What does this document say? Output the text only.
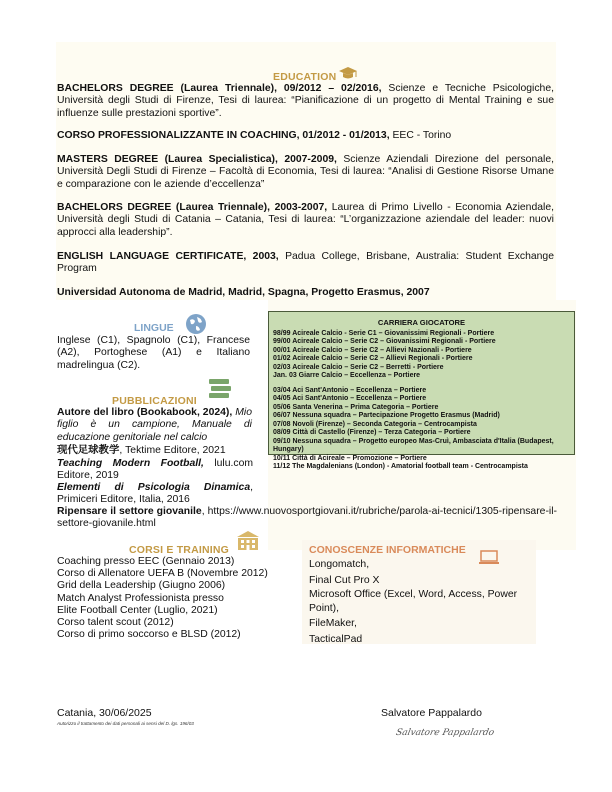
EDUCATION
BACHELORS DEGREE (Laurea Triennale), 09/2012 – 02/2016, Scienze e Tecniche Psicologiche, Università degli Studi di Firenze, Tesi di laurea: “Pianificazione di un progetto di Mental Training e sue influenze sulle prestazioni sportive”.
CORSO PROFESSIONALIZZANTE IN COACHING, 01/2012 - 01/2013, EEC - Torino
MASTERS DEGREE (Laurea Specialistica), 2007-2009, Scienze Aziendali Direzione del personale, Università Degli Studi di Firenze – Facoltà di Economia, Tesi di laurea: “Analisi di Gestione Risorse Umane e comparazione con le aziende d’eccellenza”
BACHELORS DEGREE (Laurea Triennale), 2003-2007, Laurea di Primo Livello - Economia Aziendale, Università degli Studi di Catania – Catania, Tesi di laurea: “L’organizzazione aziendale del leader: nuovi approcci alla leadership”.
ENGLISH LANGUAGE CERTIFICATE, 2003, Padua College, Brisbane, Australia: Student Exchange Program
Universidad Autonoma de Madrid, Madrid, Spagna, Progetto Erasmus, 2007
LINGUE
Inglese (C1), Spagnolo (C1), Francese (A2), Portoghese (A1) e Italiano madrelingua (C2).
PUBBLICAZIONI
Autore del libro (Bookabook, 2024), Mio figlio è un campione, Manuale di educazione genitoriale nel calcio
现代足球教学, Tektime Editore, 2021
Teaching Modern Football, lulu.com Editore, 2019
Elementi di Psicologia Dinamica, Primiceri Editore, Italia, 2016
Ripensare il settore giovanile, https://www.nuovosportgiovani.it/rubriche/parola-ai-tecnici/1305-ripensare-il-settore-giovanile.html
CARRIERA GIOCATORE
98/99 Acireale Calcio - Serie C1 – Giovanissimi Regionali - Portiere
99/00 Acireale Calcio – Serie C2 – Giovanissimi Regionali - Portiere
00/01 Acireale Calcio – Serie C2 – Allievi Nazionali - Portiere
01/02 Acireale Calcio – Serie C2 – Allievi Regionali - Portiere
02/03 Acireale Calcio – Serie C2 – Berretti - Portiere
Jan. 03 Giarre Calcio – Eccellenza – Portiere
03/04 Aci Sant'Antonio – Eccellenza – Portiere
04/05 Aci Sant'Antonio – Eccellenza – Portiere
05/06 Santa Venerina – Prima Categoria – Portiere
06/07 Nessuna squadra – Partecipazione Progetto Erasmus (Madrid)
07/08 Novoli (Firenze) – Seconda Categoria – Centrocampista
08/09 Città di Castello (Firenze) – Terza Categoria – Portiere
09/10 Nessuna squadra – Progetto europeo Mas-Cruì, Ambasciata d'Italia (Budapest, Hungary)
10/11 Città di Acireale – Promozione – Portiere
11/12 The Magdalenians (London) - Amatorial football team - Centrocampista
CORSI E TRAINING
Coaching presso EEC (Gennaio 2013)
Corso di Allenatore UEFA B (Novembre 2012)
Grid della Leadership (Giugno 2006)
Match Analyst Professionista presso
Elite Football Center (Luglio, 2021)
Corso talent scout (2012)
Corso di primo soccorso e BLSD (2012)
CONOSCENZE INFORMATICHE
Longomatch,
Final Cut Pro X
Microsoft Office (Excel, Word, Access, Power Point),
FileMaker,
TacticalPad
Catania, 30/06/2025
Autorizzo il trattamento dei dati personali ai sensi del D. lgs. 196/03
Salvatore Pappalardo
Salvatore Pappalardo
